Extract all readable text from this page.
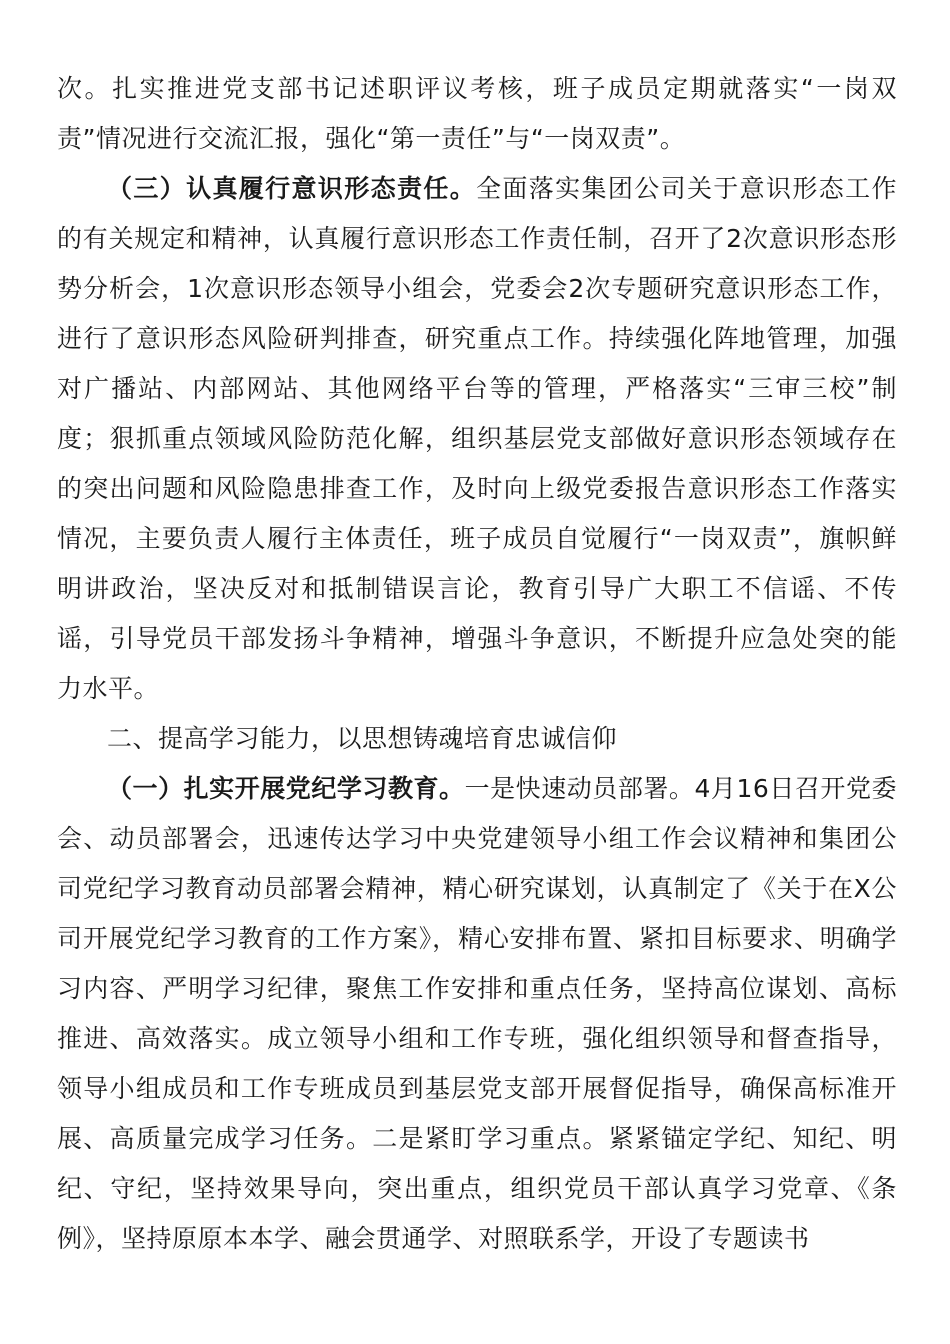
次。扎实推进党支部书记述职评议考核，班子成员定期就落实“一岗双责”情况进行交流汇报，强化“第一责任”与“一岗双责”。

（三）认真履行意识形态责任。全面落实集团公司关于意识形态工作的有关规定和精神，认真履行意识形态工作责任制，召开了2次意识形态形势分析会，1次意识形态领导小组会，党委会2次专题研究意识形态工作，进行了意识形态风险研判排查，研究重点工作。持续强化阵地管理，加强对广播站、内部网站、其他网络平台等的管理，严格落实“三审三校”制度；狠抓重点领域风险防范化解，组织基层党支部做好意识形态领域存在的突出问题和风险隐患排查工作，及时向上级党委报告意识形态工作落实情况，主要负责人履行主体责任，班子成员自觉履行“一岗双责”，旗帜鲜明讲政治，坚决反对和抵制错误言论，教育引导广大职工不信谣、不传谣，引导党员干部发扬斗争精神，增强斗争意识，不断提升应急处突的能力水平。

二、提高学习能力，以思想铸魂培育忠诚信仰

（一）扎实开展党纪学习教育。一是快速动员部署。4月16日召开党委会、动员部署会，迅速传达学习中央党建领导小组工作会议精神和集团公司党纪学习教育动员部署会精神，精心研究谋划，认真制定了《关于在X公司开展党纪学习教育的工作方案》，精心安排布置、紧扣目标要求、明确学习内容、严明学习纪律，聚焦工作安排和重点任务，坚持高位谋划、高标推进、高效落实。成立领导小组和工作专班，强化组织领导和督查指导，领导小组成员和工作专班成员到基层党支部开展督促指导，确保高标准开展、高质量完成学习任务。二是紧盯学习重点。紧紧锚定学纪、知纪、明纪、守纪，坚持效果导向，突出重点，组织党员干部认真学习党章、《条例》，坚持原原本本学、融会贯通学、对照联系学，开设了专题读书
